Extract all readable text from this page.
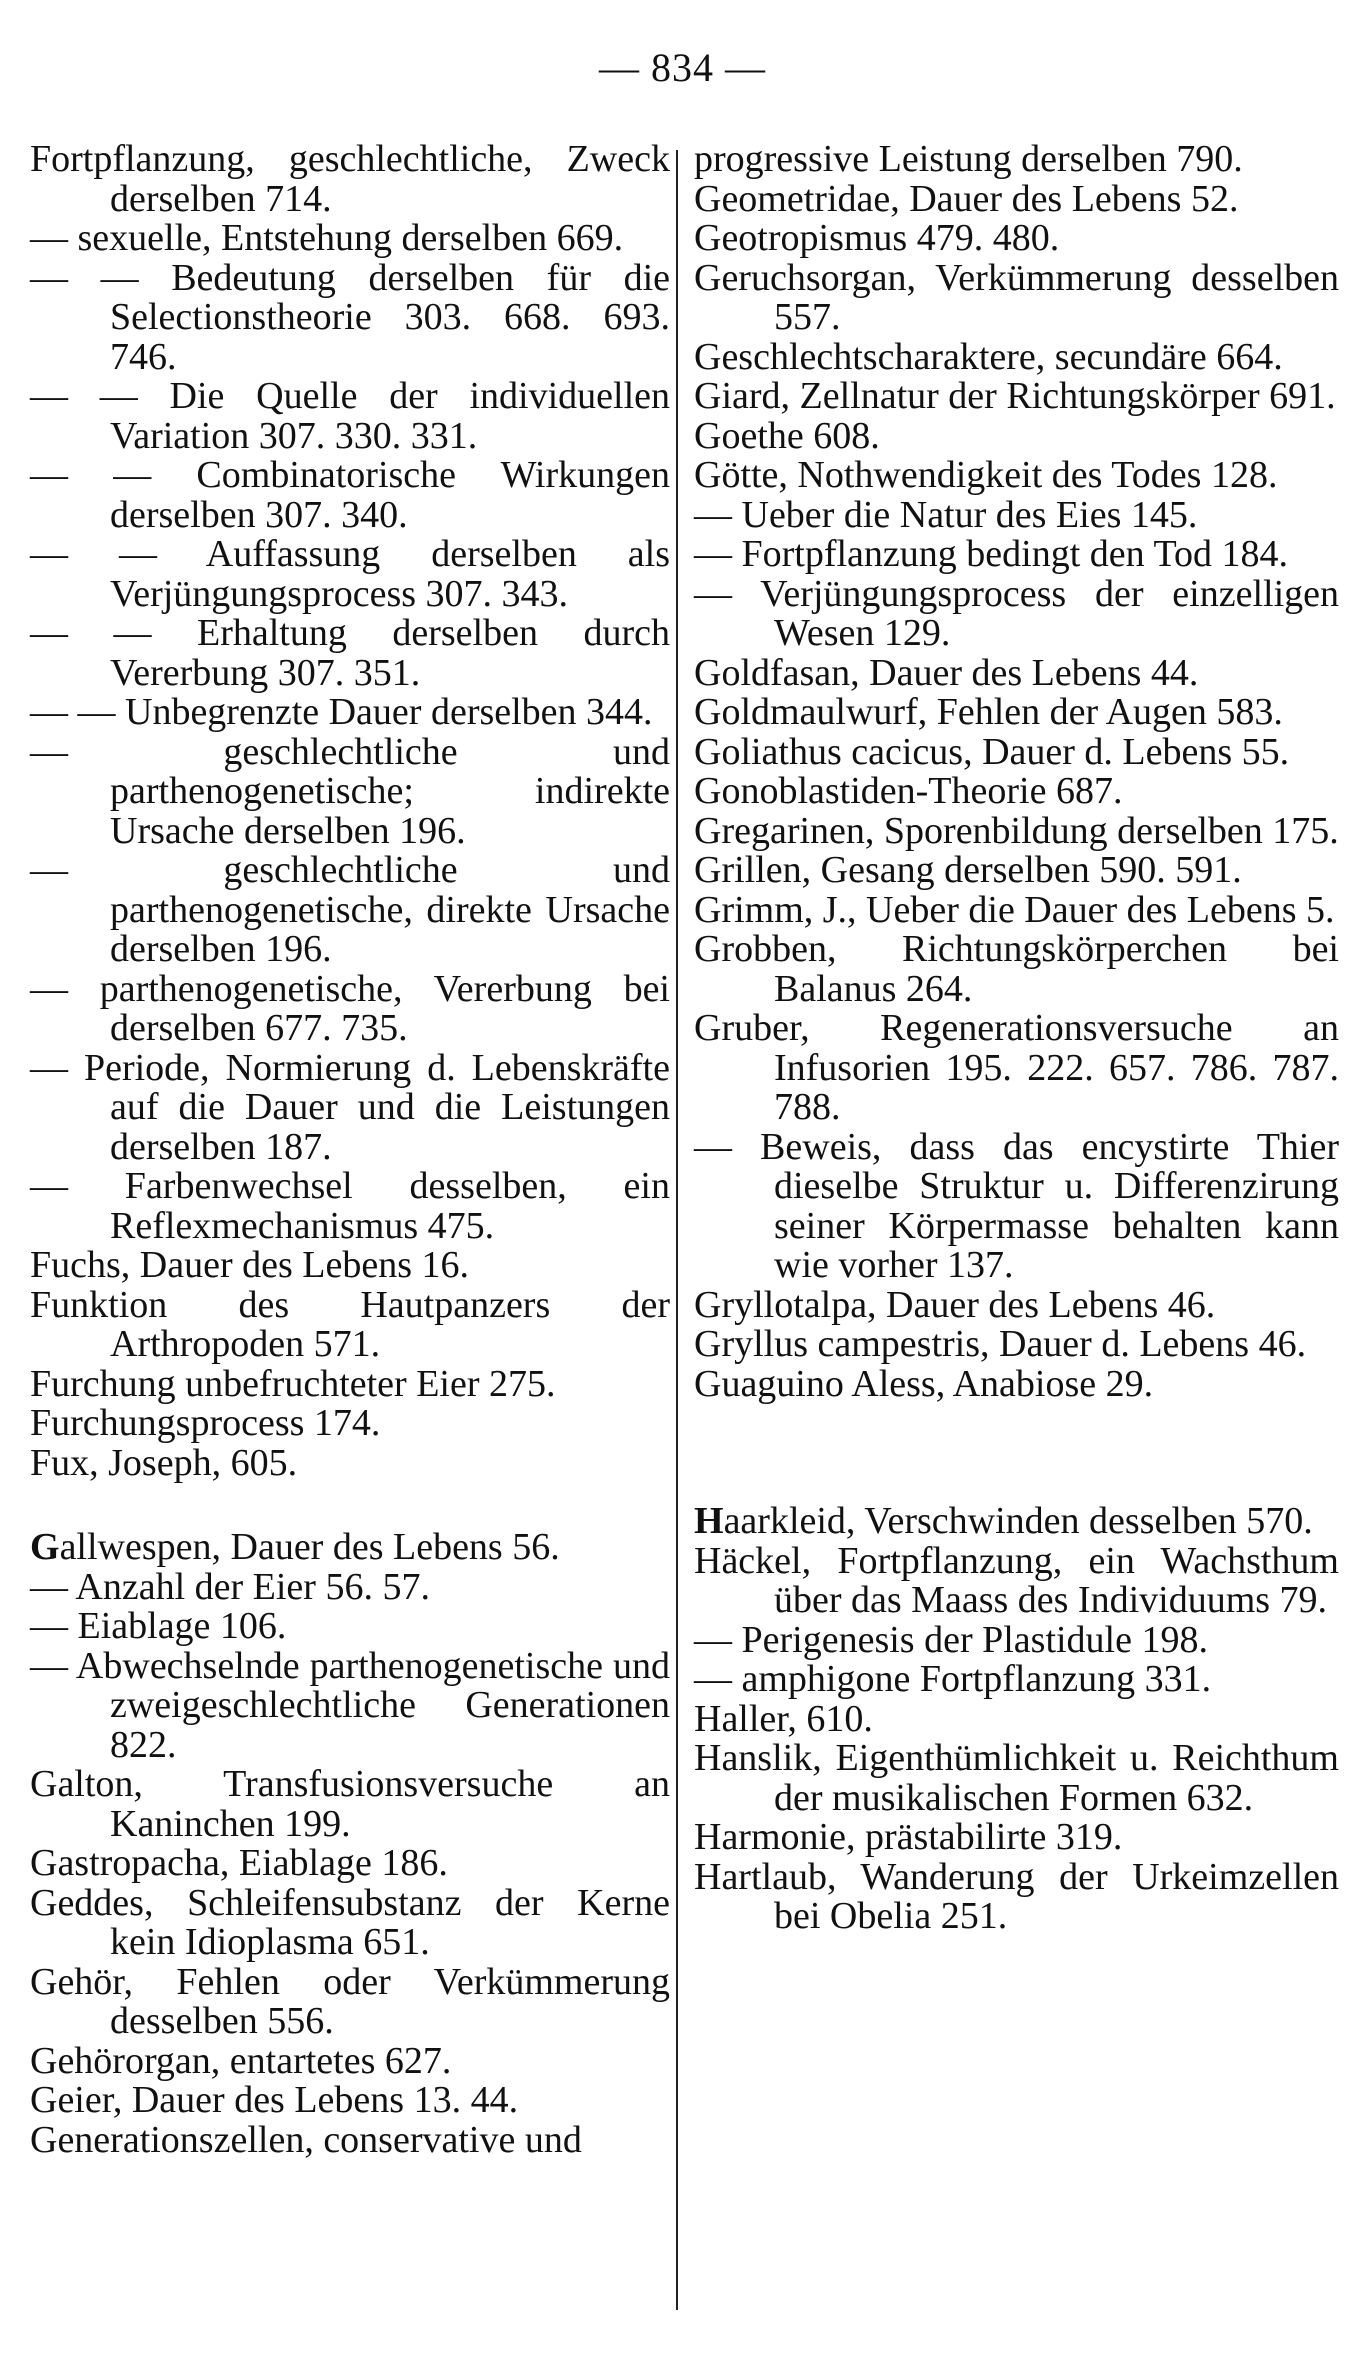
— 834 —
Fortpflanzung, geschlechtliche, Zweck derselben 714.
— sexuelle, Entstehung derselben 669.
— — Bedeutung derselben für die Selectionstheorie 303. 668. 693. 746.
— — Die Quelle der individuellen Variation 307. 330. 331.
— — Combinatorische Wirkungen derselben 307. 340.
— — Auffassung derselben als Verjüngungsprocess 307. 343.
— — Erhaltung derselben durch Vererbung 307. 351.
— — Unbegrenzte Dauer derselben 344.
— geschlechtliche und parthenogenetische; indirekte Ursache derselben 196.
— geschlechtliche und parthenogenetische, direkte Ursache derselben 196.
— parthenogenetische, Vererbung bei derselben 677. 735.
— Periode, Normierung d. Lebenskräfte auf die Dauer und die Leistungen derselben 187.
— Farbenwechsel desselben, ein Reflexmechanismus 475.
Fuchs, Dauer des Lebens 16.
Funktion des Hautpanzers der Arthropoden 571.
Furchung unbefruchteter Eier 275.
Furchungsprocess 174.
Fux, Joseph, 605.
Gallwespen, Dauer des Lebens 56.
— Anzahl der Eier 56. 57.
— Eiablage 106.
— Abwechselnde parthenogenetische und zweigeschlechtliche Generationen 822.
Galton, Transfusionsversuche an Kaninchen 199.
Gastropacha, Eiablage 186.
Geddes, Schleifensubstanz der Kerne kein Idioplasma 651.
Gehör, Fehlen oder Verkümmerung desselben 556.
Gehörorgan, entartetes 627.
Geier, Dauer des Lebens 13. 44.
Generationszellen, conservative und
progressive Leistung derselben 790.
Geometridae, Dauer des Lebens 52.
Geotropismus 479. 480.
Geruchsorgan, Verkümmerung desselben 557.
Geschlechtscharaktere, secundäre 664.
Giard, Zellnatur der Richtungskörper 691.
Goethe 608.
Götte, Nothwendigkeit des Todes 128.
— Ueber die Natur des Eies 145.
— Fortpflanzung bedingt den Tod 184.
— Verjüngungsprocess der einzelligen Wesen 129.
Goldfasan, Dauer des Lebens 44.
Goldmaulwurf, Fehlen der Augen 583.
Goliathus cacicus, Dauer d. Lebens 55.
Gonoblastiden-Theorie 687.
Gregarinen, Sporenbildung derselben 175.
Grillen, Gesang derselben 590. 591.
Grimm, J., Ueber die Dauer des Lebens 5.
Grobben, Richtungskörperchen bei Balanus 264.
Gruber, Regenerationsversuche an Infusorien 195. 222. 657. 786. 787. 788.
— Beweis, dass das encystirte Thier dieselbe Struktur u. Differenzirung seiner Körpermasse behalten kann wie vorher 137.
Gryllotalpa, Dauer des Lebens 46.
Gryllus campestris, Dauer d. Lebens 46.
Guaguino Aless, Anabiose 29.
Haarkleid, Verschwinden desselben 570.
Häckel, Fortpflanzung, ein Wachsthum über das Maass des Individuums 79.
— Perigenesis der Plastidule 198.
— amphigone Fortpflanzung 331.
Haller, 610.
Hanslik, Eigenthümlichkeit u. Reichthum der musikalischen Formen 632.
Harmonie, prästabilirte 319.
Hartlaub, Wanderung der Urkeimzellen bei Obelia 251.
